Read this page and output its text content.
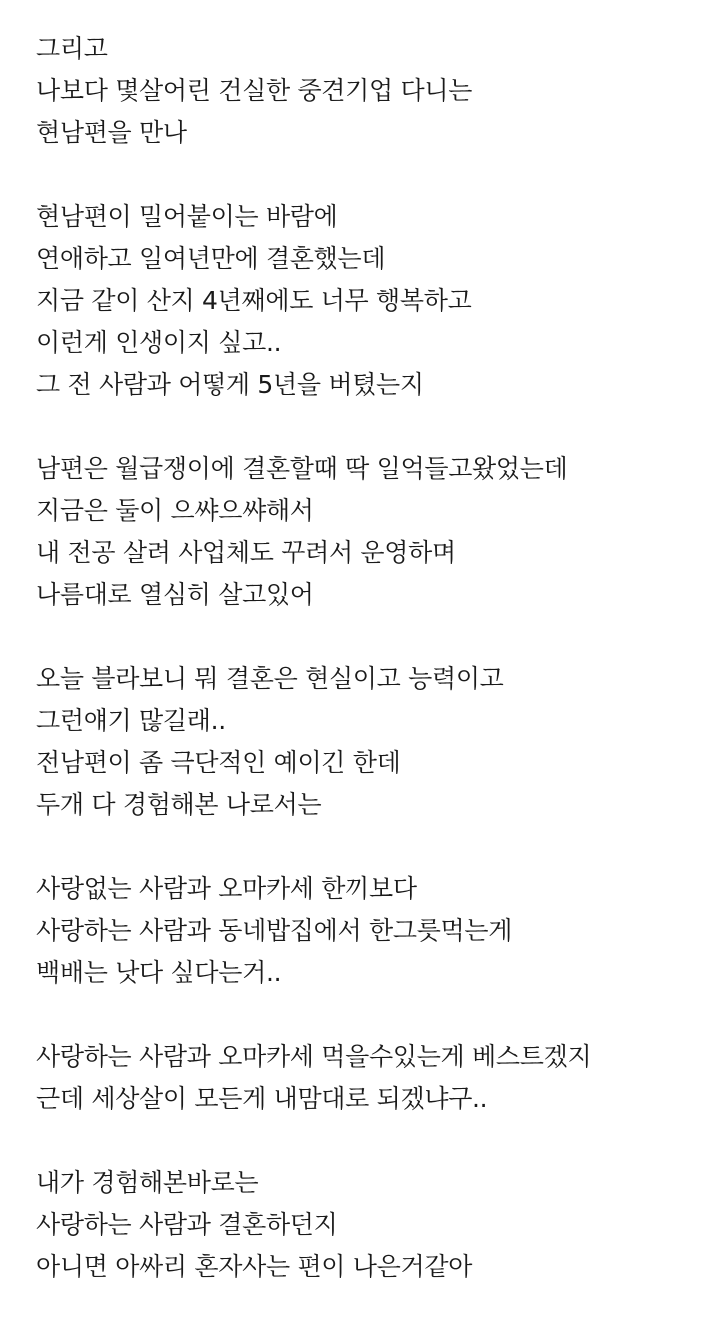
그리고
나보다 몇살어린 건실한 중견기업 다니는
현남편을 만나
현남편이 밀어붙이는 바람에
연애하고 일여년만에 결혼했는데
지금 같이 산지 4년째에도 너무 행복하고
이런게 인생이지 싶고..
그 전 사람과 어떻게 5년을 버텼는지
남편은 월급쟁이에 결혼할때 딱 일억들고왔었는데
지금은 둘이 으쌰으쌰해서
내 전공 살려 사업체도 꾸려서 운영하며
나름대로 열심히 살고있어
오늘 블라보니 뭐 결혼은 현실이고 능력이고
그런얘기 많길래..
전남편이 좀 극단적인 예이긴 한데
두개 다 경험해본 나로서는
사랑없는 사람과 오마카세 한끼보다
사랑하는 사람과 동네밥집에서 한그릇먹는게
백배는 낫다 싶다는거..
사랑하는 사람과 오마카세 먹을수있는게 베스트겠지
근데 세상살이 모든게 내맘대로 되겠냐구..
내가 경험해본바로는
사랑하는 사람과 결혼하던지
아니면 아싸리 혼자사는 편이 나은거같아
